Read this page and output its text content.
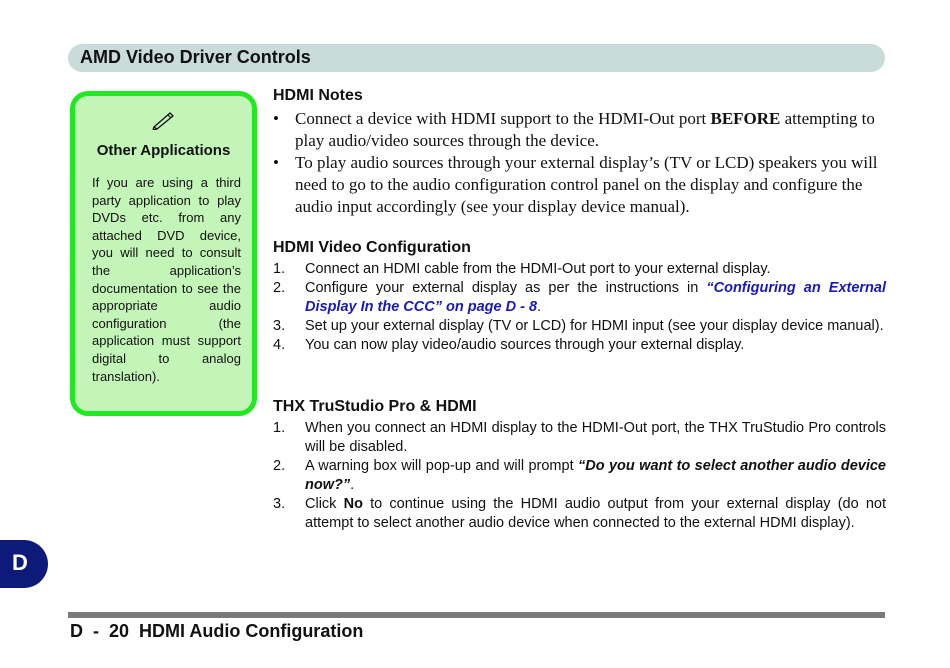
AMD Video Driver Controls
Other Applications
If you are using a third party application to play DVDs etc. from any attached DVD device, you will need to consult the application’s documentation to see the appropriate audio configuration (the application must support digital to analog translation).
HDMI Notes
• Connect a device with HDMI support to the HDMI-Out port BEFORE attempting to play audio/video sources through the device.
• To play audio sources through your external display’s (TV or LCD) speakers you will need to go to the audio configuration control panel on the display and configure the audio input accordingly (see your display device manual).
HDMI Video Configuration
1. Connect an HDMI cable from the HDMI-Out port to your external display.
2. Configure your external display as per the instructions in “Configuring an External Display In the CCC” on page D - 8.
3. Set up your external display (TV or LCD) for HDMI input (see your display device manual).
4. You can now play video/audio sources through your external display.
THX TruStudio Pro & HDMI
1. When you connect an HDMI display to the HDMI-Out port, the THX TruStudio Pro controls will be disabled.
2. A warning box will pop-up and will prompt “Do you want to select another audio device now?”.
3. Click No to continue using the HDMI audio output from your external display (do not attempt to select another audio device when connected to the external HDMI display).
D
D  -  20  HDMI Audio Configuration
